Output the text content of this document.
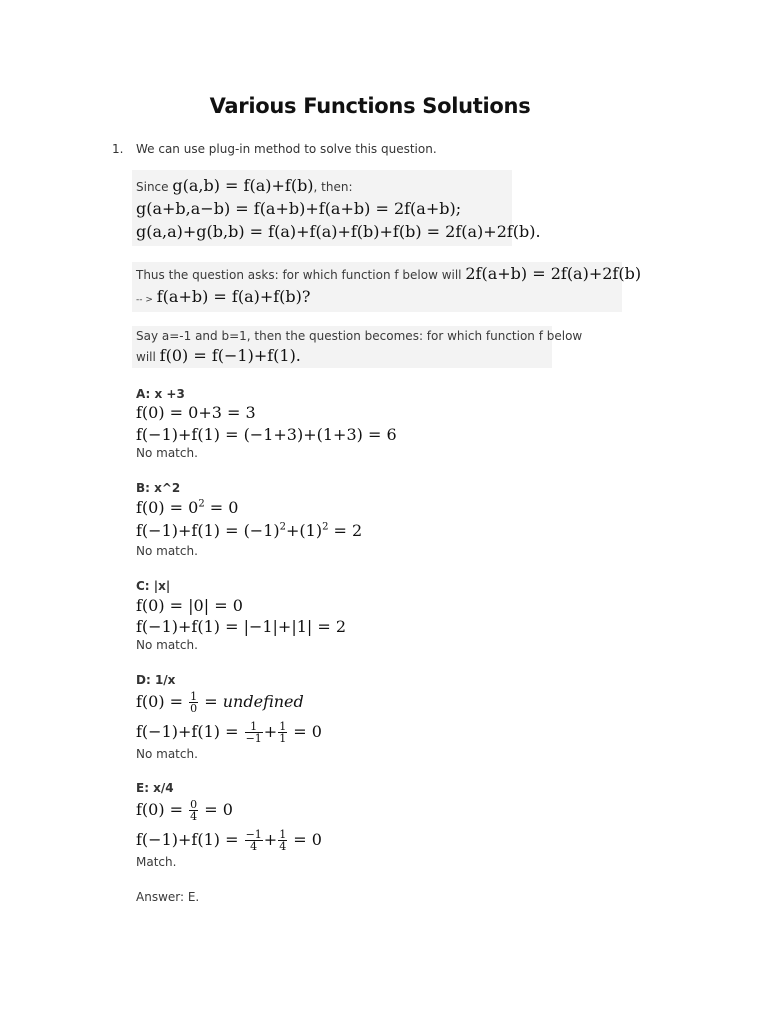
Various Functions Solutions
1. We can use plug-in method to solve this question.
Since g(a,b) = f(a)+f(b), then:
g(a+b,a−b) = f(a+b)+f(a+b) = 2f(a+b);
g(a,a)+g(b,b) = f(a)+f(a)+f(b)+f(b) = 2f(a)+2f(b).
Thus the question asks: for which function f below will 2f(a+b) = 2f(a)+2f(b)
-- > f(a+b) = f(a)+f(b)?
Say a=-1 and b=1, then the question becomes: for which function f below
will f(0) = f(−1)+f(1).
A: x +3
f(0) = 0+3 = 3
f(−1)+f(1) = (−1+3)+(1+3) = 6
No match.
B: x^2
$f(0) = 0^2 = 0$
$f(-1)+f(1) = (-1)^2+(1)^2 = 2$
No match.
C: |x|
f(0) = |0| = 0
f(−1)+f(1) = |−1|+|1| = 2
No match.
D: 1/x
$f(0) = \frac{1}{0}$ = undefined
$f(-1)+f(1) = \frac{1}{-1} + \frac{1}{1} = 0$
No match.
E: x/4
$f(0) = \frac{0}{4} = 0$
$f(-1)+f(1) = \frac{-1}{4} + \frac{1}{4} = 0$
Match.
Answer: E.
